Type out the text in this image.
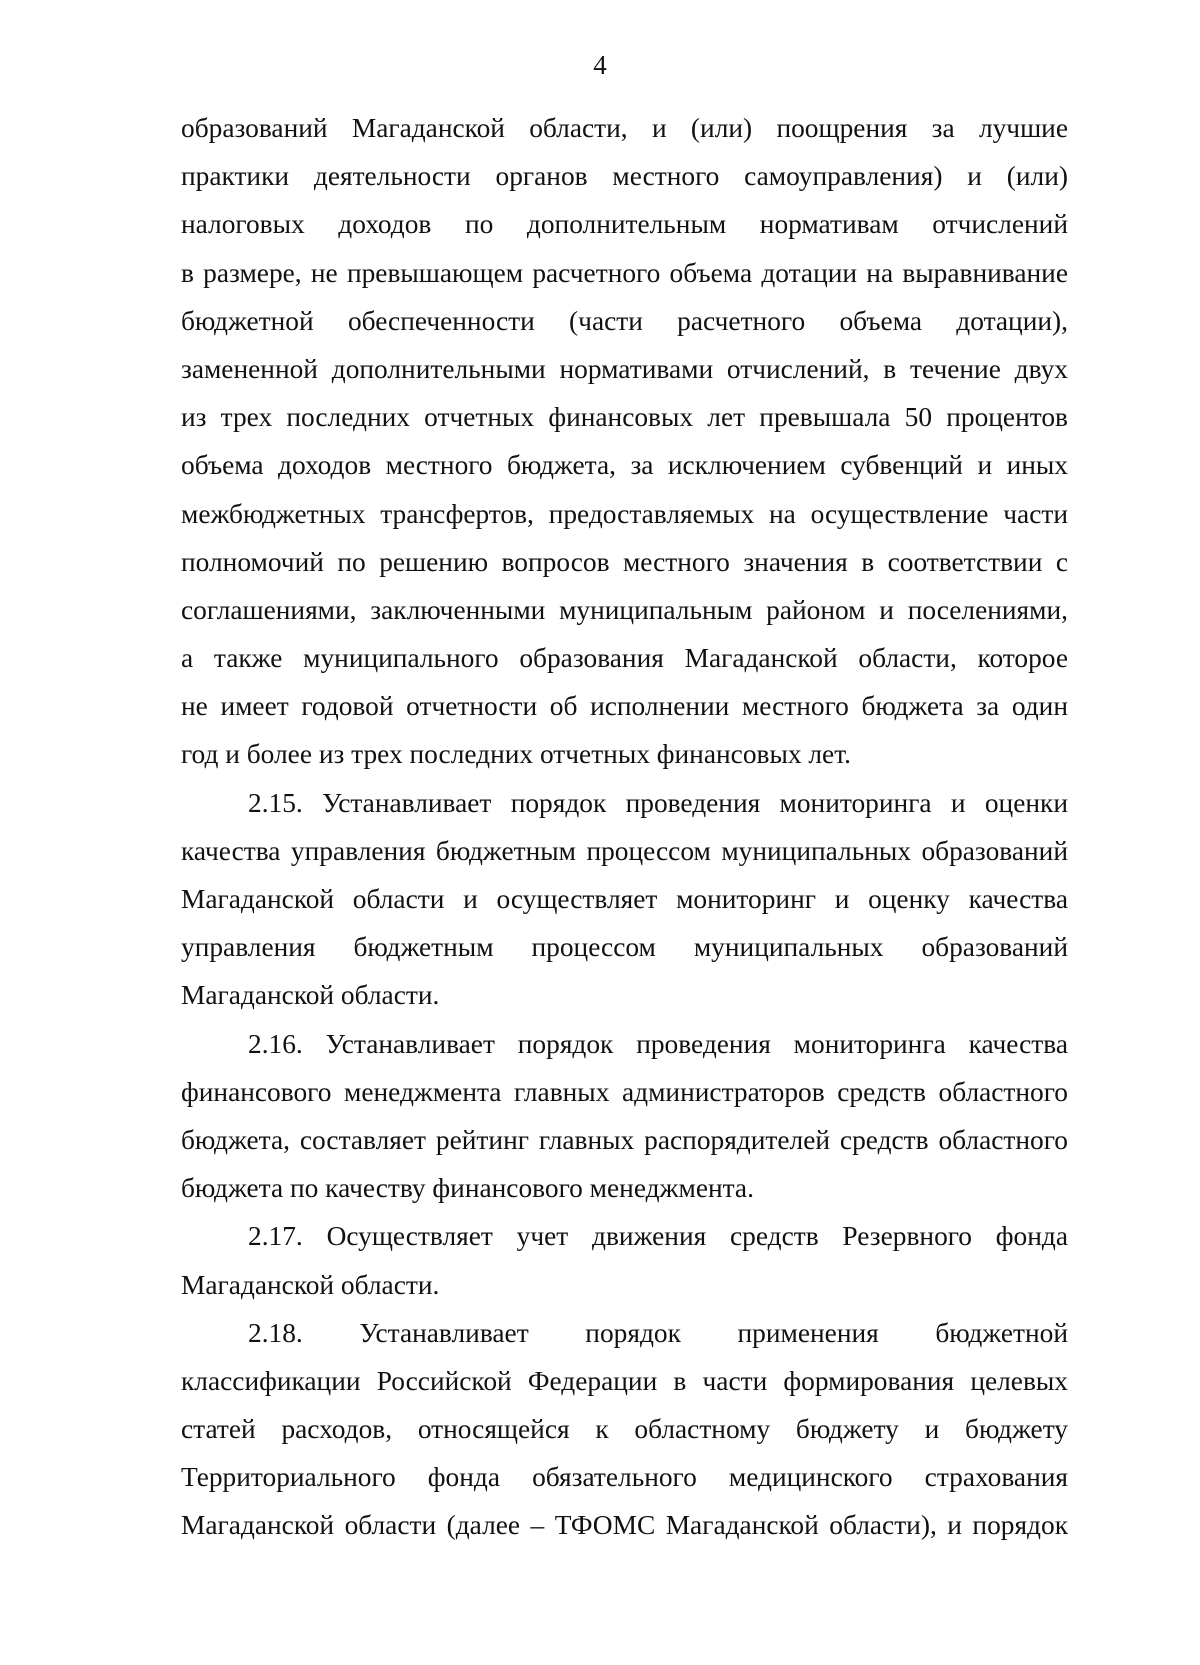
4
образований Магаданской области, и (или) поощрения за лучшие
практики деятельности органов местного самоуправления) и (или)
налоговых доходов по дополнительным нормативам отчислений
в размере, не превышающем расчетного объема дотации на выравнивание
бюджетной обеспеченности (части расчетного объема дотации),
замененной дополнительными нормативами отчислений, в течение двух
из трех последних отчетных финансовых лет превышала 50 процентов
объема доходов местного бюджета, за исключением субвенций и иных
межбюджетных трансфертов, предоставляемых на осуществление части
полномочий по решению вопросов местного значения в соответствии с
соглашениями, заключенными муниципальным районом и поселениями,
а также муниципального образования Магаданской области, которое
не имеет годовой отчетности об исполнении местного бюджета за один
год и более из трех последних отчетных финансовых лет.
2.15. Устанавливает порядок проведения мониторинга и оценки
качества управления бюджетным процессом муниципальных образований
Магаданской области и осуществляет мониторинг и оценку качества
управления бюджетным процессом муниципальных образований
Магаданской области.
2.16. Устанавливает порядок проведения мониторинга качества
финансового менеджмента главных администраторов средств областного
бюджета, составляет рейтинг главных распорядителей средств областного
бюджета по качеству финансового менеджмента.
2.17. Осуществляет учет движения средств Резервного фонда
Магаданской области.
2.18. Устанавливает порядок применения бюджетной
классификации Российской Федерации в части формирования целевых
статей расходов, относящейся к областному бюджету и бюджету
Территориального фонда обязательного медицинского страхования
Магаданской области (далее – ТФОМС Магаданской области), и порядок
